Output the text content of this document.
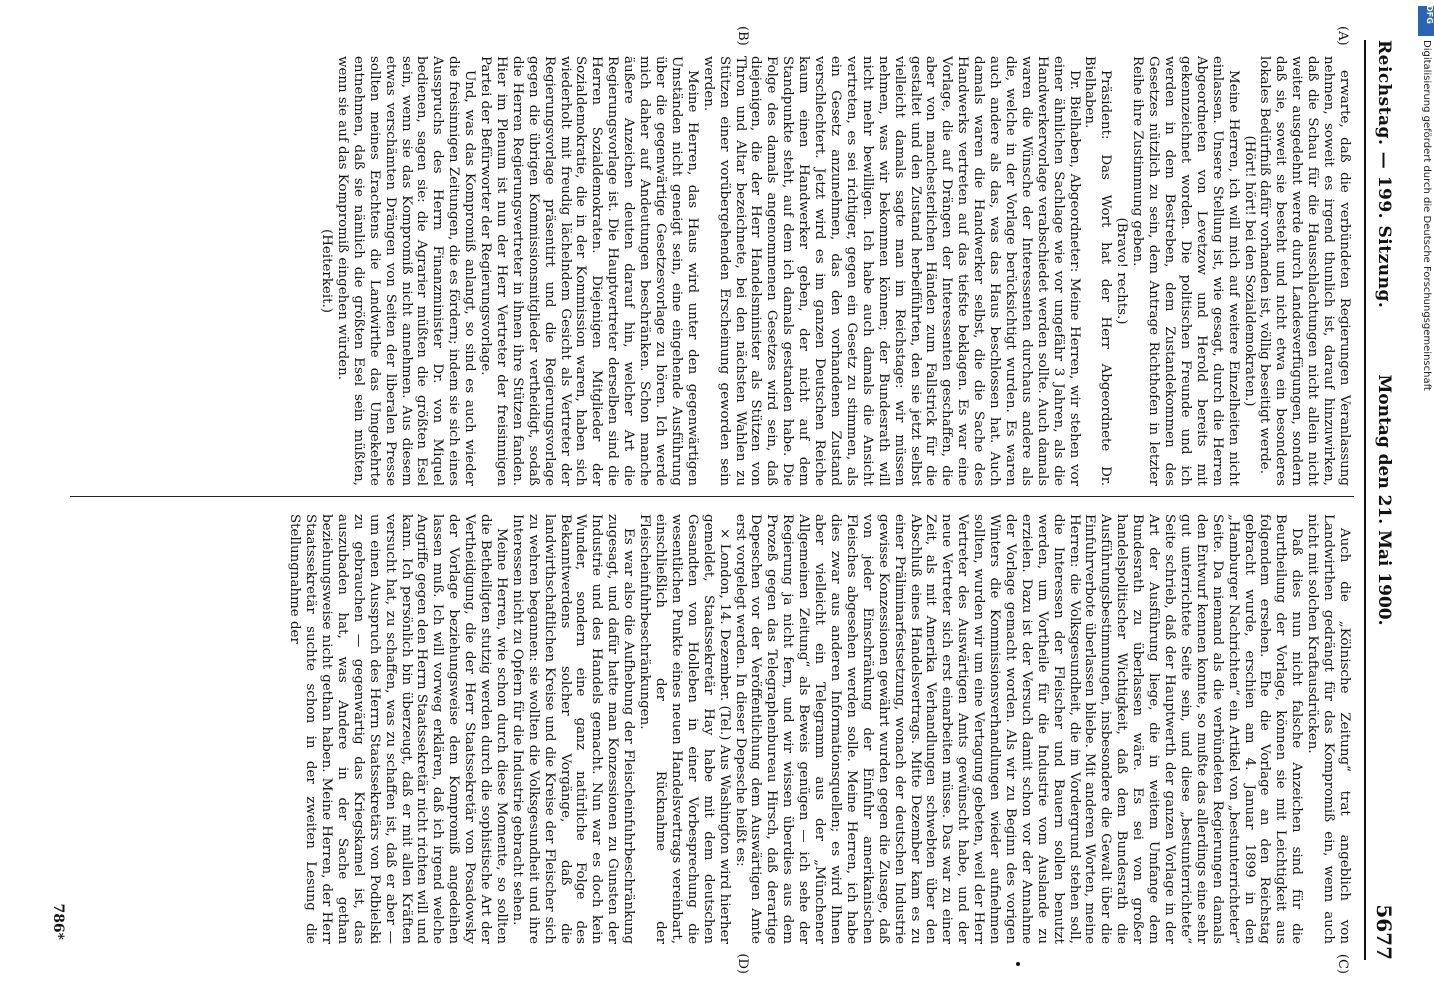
Reichstag. — 199. Sitzung.
Montag den 21. Mai 1900.
5677
(A)
(B)
(C)
(D)

erwarte, daß die verbündeten Regierungen Veranlassung nehmen, soweit es irgend thunlich ist, darauf hinzuwirken, daß die Schau für die Hausschlachtungen nicht allein nicht weiter ausgedehnt werde durch Landesverfügungen, sondern daß sie, soweit sie besteht und nicht etwa ein besonderes lokales Bedürfniß dafür vorhanden ist, völlig beseitigt werde.

(Hört! hört! bei den Sozialdemokraten.)

Meine Herren, ich will mich auf weitere Einzelheiten nicht einlassen. Unsere Stellung ist, wie gesagt, durch die Herren Abgeordneten von Levetzow und Herold bereits mit gekennzeichnet worden. Die politischen Freunde und ich werden in dem Bestreben, dem Zustandekommen des Gesetzes nützlich zu sein, dem Antrage Richthofen in letzter Reihe ihre Zustimmung geben.

(Bravo! rechts.)

Präsident: Das Wort hat der Herr Abgeordnete Dr. Bielhaben.

Dr. Bielhaben, Abgeordneter: Meine Herren, wir stehen vor einer ähnlichen Sachlage wie vor ungefähr 3 Jahren, als die Handwerkervorlage verabschiedet werden sollte. Auch damals waren die Wünsche der Interessenten durchaus andere als die, welche in der Vorlage berücksichtigt wurden. Es waren auch andere als das, was das Haus beschlossen hat. Auch damals waren die Handwerker selbst, die die Sache des Handwerks vertreten auf das tiefste beklagen. Es war eine Vorlage, die auf Drängen der Interessenten geschaffen, die aber von manchesterlichen Händen zum Fallstrick für die gestaltet und den Zustand herbeiführten, den sie jetzt selbst vielleicht damals sagte man im Reichstage: wir müssen nehmen, was wir bekommen können; der Bundesrath will nicht mehr bewilligen. Ich habe auch damals die Ansicht vertreten, es sei richtiger, gegen ein Gesetz zu stimmen, als ein Gesetz anzunehmen, das den vorhandenen Zustand verschlechtert. Jetzt wird es im ganzen Deutschen Reiche kaum einen Handwerker geben, der nicht auf dem Standpunkte steht, auf dem ich damals gestanden habe. Die Folge des damals angenommenen Gesetzes wird sein, daß diejenigen, die der Herr Handelsminister als Stützen von Thron und Altar bezeichnete, bei den nächsten Wahlen zu Stützen einer vorübergehenden Erscheinung geworden sein werden.

Meine Herren, das Haus wird unter den gegenwärtigen Umständen nicht geneigt sein, eine eingehende Ausführung über die gegenwärtige Gesetzesvorlage zu hören. Ich werde mich daher auf Andeutungen beschränken. Schon manche äußere Anzeichen deuten darauf hin, welcher Art die Regierungsvorlage ist. Die Hauptvertreter derselben sind die Herren Sozialdemokraten. Diejenigen Mitglieder der Sozialdemokratie, die in der Kommission waren, haben sich wiederholt mit freudig lächelndem Gesicht als Vertreter der Regierungsvorlage präsentirt und die Regierungsvorlage gegen die übrigen Kommissionsmitglieder vertheidigt, sodaß die Herren Regierungsvertreter in ihnen ihre Stützen fanden. Hier im Plenum ist nun der Herr Vertreter der freisinnigen Partei der Befürworter der Regierungsvorlage.

Und, was das Kompromiß anlangt, so sind es auch wieder die freisinnigen Zeitungen, die es fördern; indem sie sich eines Ausspruchs des Herrn Finanzminister Dr. von Miquel bedienen, sagen sie: die Agrarier müßten die größten Esel sein, wenn sie das Kompromiß nicht annehmen. Aus diesem etwas verschämten Drängen von Seiten der liberalen Presse sollten meines Erachtens die Landwirthe das Umgekehrte entnehmen, daß sie nämlich die größten Esel sein müßten, wenn sie auf das Kompromiß eingehen würden.

(Heiterkeit.)

Auch die „Kölnische Zeitung“ trat angeblich von Landwirthen gedrängt für das Kompromiß ein, wenn auch nicht mit solchen Kraftausdrücken.

Daß dies nun nicht falsche Anzeichen sind für die Beurtheilung der Vorlage, können sie mit Leichtigkeit aus folgendem ersehen. Ehe die Vorlage an den Reichstag gebracht wurde, erschien am 4. Januar 1899 in den „Hamburger Nachrichten“ ein Artikel von „bestunterrichteter“ Seite. Da niemand als die verbündeten Regierungen damals den Entwurf kennen konnte, so mußte das allerdings eine sehr gut unterrichtete Seite sein, und diese „bestunterrichtete“ Seite schrieb, daß der Hauptwerth der ganzen Vorlage in der Art der Ausführung liege, die in weitem Umfange dem Bundesrath zu überlassen wäre. Es sei von großer handelspolitischer Wichtigkeit, daß dem Bundesrath die Ausführungsbestimmungen, insbesondere die Gewalt über die Einfuhrverbote überlassen bliebe. Mit anderen Worten, meine Herren: die Volksgesundheit, die im Vordergrund stehen soll, die Interessen der Fleischer und Bauern sollen benutzt werden, um Vortheile für die Industrie vom Auslande zu erzielen. Dazu ist der Versuch damit schon vor der Annahme der Vorlage gemacht worden. Als wir zu Beginn des vorigen Winters die Kommissionsverhandlungen wieder aufnehmen sollten, wurden wir um eine Vertagung gebeten, weil der Herr Vertreter des Auswärtigen Amts gewünscht habe, und der neue Vertreter sich erst einarbeiten müsse. Das war zu einer Zeit, als mit Amerika Verhandlungen schwebten über den Abschluß eines Handelsvertrags. Mitte Dezember kam es zu einer Präliminarfestsetzung, wonach der deutschen Industrie gewisse Konzessionen gewährt wurden gegen die Zusage, daß von jeder Einschränkung der Einfuhr amerikanischen Fleisches abgesehen werden solle. Meine Herren, ich habe dies zwar aus anderen Informationsquellen; es wird Ihnen aber vielleicht ein Telegramm aus der „Münchener Allgemeinen Zeitung“ als Beweis genügen — ich sehe der Regierung ja nicht fern, und wir wissen überdies aus dem Prozeß gegen das Telegraphenbureau Hirsch, daß derartige Depeschen vor der Veröffentlichung dem Auswärtigen Amte erst vorgelegt werden. In dieser Depesche heißt es:

× London, 14. Dezember. (Tel.) Aus Washington wird hierher gemeldet, Staatssekretär Hay habe mit dem deutschen Gesandten von Holleben in einer Vorbesprechung die wesentlichen Punkte eines neuen Handelsvertrags vereinbart, einschließlich der Rücknahme der Fleischeinfuhrbeschränkungen.

Es war also die Aufhebung der Fleischeinfuhrbeschränkung zugesagt, und dafür hatte man Konzessionen zu Gunsten der Industrie und des Handels gemacht. Nun war es doch kein Wunder, sondern eine ganz natürliche Folge des Bekanntwerdens solcher Vorgänge, daß die landwirthschaftlichen Kreise und die Kreise der Fleischer sich zu wehren begannen: sie wollten die Volksgesundheit und ihre Interessen nicht zu Opfern für die Industrie gebracht sehen.

Meine Herren, wie schon durch diese Momente, so sollten die Betheiligten stutzig werden durch die sophistische Art der Vertheidigung, die der Herr Staatssekretär von Posadowsky der Vorlage beziehungsweise dem Kompromiß angedeihen lassen muß. Ich will vorweg erklären, daß ich irgend welche Angriffe gegen den Herrn Staatssekretär nicht richten will und kann. Ich persönlich bin überzeugt, daß er mit allen Kräften versucht hat, zu schaffen, was zu schaffen ist, daß er aber — um einen Ausspruch des Herrn Staatssekretärs von Podbielski zu gebrauchen — gegenwärtig das Kriegskamel ist, das auszubaden hat, was Andere in der Sache gethan beziehungsweise nicht gethan haben. Meine Herren, der Herr Staatssekretär suchte schon in der zweiten Lesung die Stellungnahme der

786*
DFG
Digitalisierung gefördert durch die Deutsche Forschungsgemeinschaft
